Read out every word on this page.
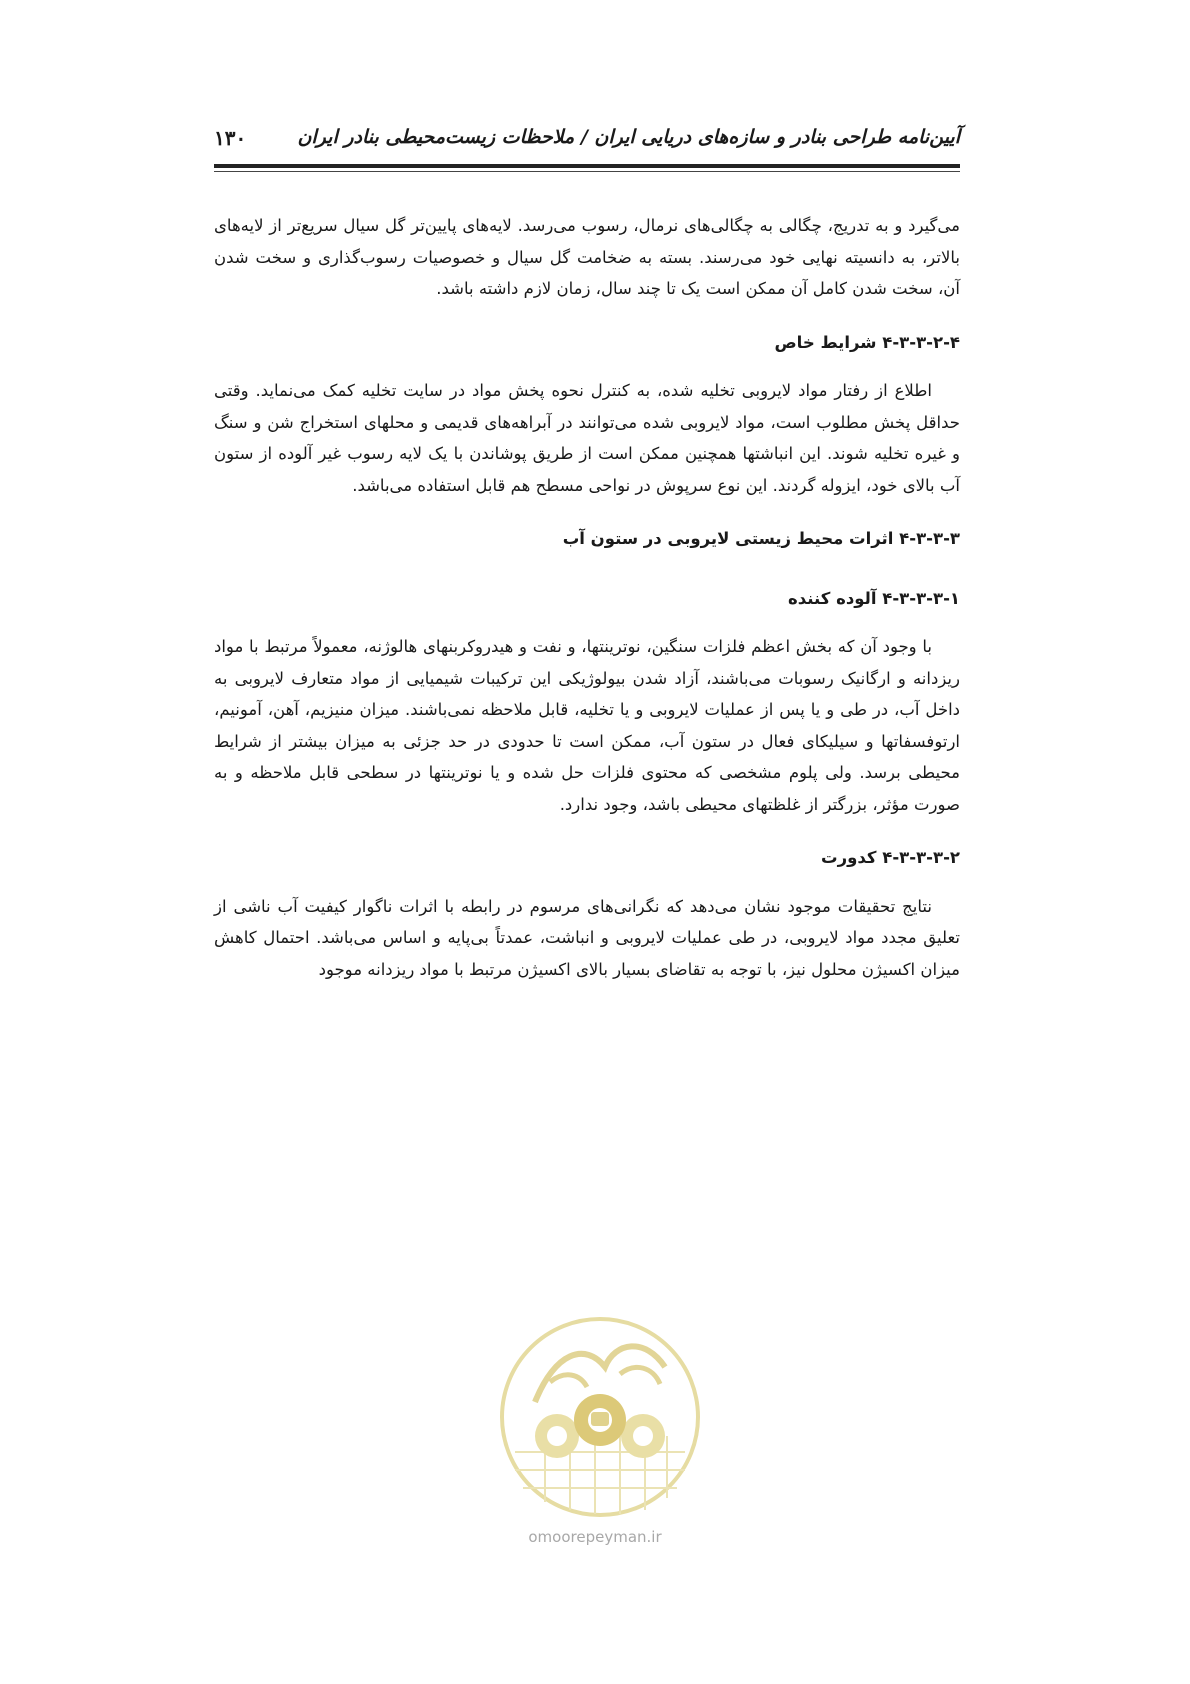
آیین‌نامه طراحی بنادر و سازه‌های دریایی ایران / ملاحظات زیست‌محیطی بنادر ایران
۱۳۰

می‌گیرد و به تدریج، چگالی به چگالی‌های نرمال، رسوب می‌رسد. لایه‌های پایین‌تر گل سیال سریع‌تر از لایه‌های بالاتر، به دانسیته نهایی خود می‌رسند. بسته به ضخامت گل سیال و خصوصیات رسوب‌گذاری و سخت شدن آن، سخت شدن کامل آن ممکن است یک تا چند سال، زمان لازم داشته باشد.

۴-۳-۳-۲-۴ شرایط خاص

اطلاع از رفتار مواد لایروبی تخلیه شده، به کنترل نحوه پخش مواد در سایت تخلیه کمک می‌نماید. وقتی حداقل پخش مطلوب است، مواد لایروبی شده می‌توانند در آبراهه‌های قدیمی و محلهای استخراج شن و سنگ و غیره تخلیه شوند. این انباشتها همچنین ممکن است از طریق پوشاندن با یک لایه رسوب غیر آلوده از ستون آب بالای خود، ایزوله گردند. این نوع سرپوش در نواحی مسطح هم قابل استفاده می‌باشد.

۴-۳-۳-۳ اثرات محیط زیستی لایروبی در ستون آب
۴-۳-۳-۳-۱ آلوده کننده

با وجود آن که بخش اعظم فلزات سنگین، نوترینتها، و نفت و هیدروکربنهای هالوژنه، معمولاً مرتبط با مواد ریزدانه و ارگانیک رسوبات می‌باشند، آزاد شدن بیولوژیکی این ترکیبات شیمیایی از مواد متعارف لایروبی به داخل آب، در طی و یا پس از عملیات لایروبی و یا تخلیه، قابل ملاحظه نمی‌باشند. میزان منیزیم، آهن، آمونیم، ارتوفسفاتها و سیلیکای فعال در ستون آب، ممکن است تا حدودی در حد جزئی به میزان بیشتر از شرایط محیطی برسد. ولی پلوم مشخصی که محتوی فلزات حل شده و یا نوترینتها در سطحی قابل ملاحظه و به صورت مؤثر، بزرگتر از غلظتهای محیطی باشد، وجود ندارد.

۴-۳-۳-۳-۲ کدورت

نتایج تحقیقات موجود نشان می‌دهد که نگرانی‌های مرسوم در رابطه با اثرات ناگوار کیفیت آب ناشی از تعلیق مجدد مواد لایروبی، در طی عملیات لایروبی و انباشت، عمدتاً بی‌پایه و اساس می‌باشد. احتمال کاهش میزان اکسیژن محلول نیز، با توجه به تقاضای بسیار بالای اکسیژن مرتبط با مواد ریزدانه موجود

omoorepeyman.ir
